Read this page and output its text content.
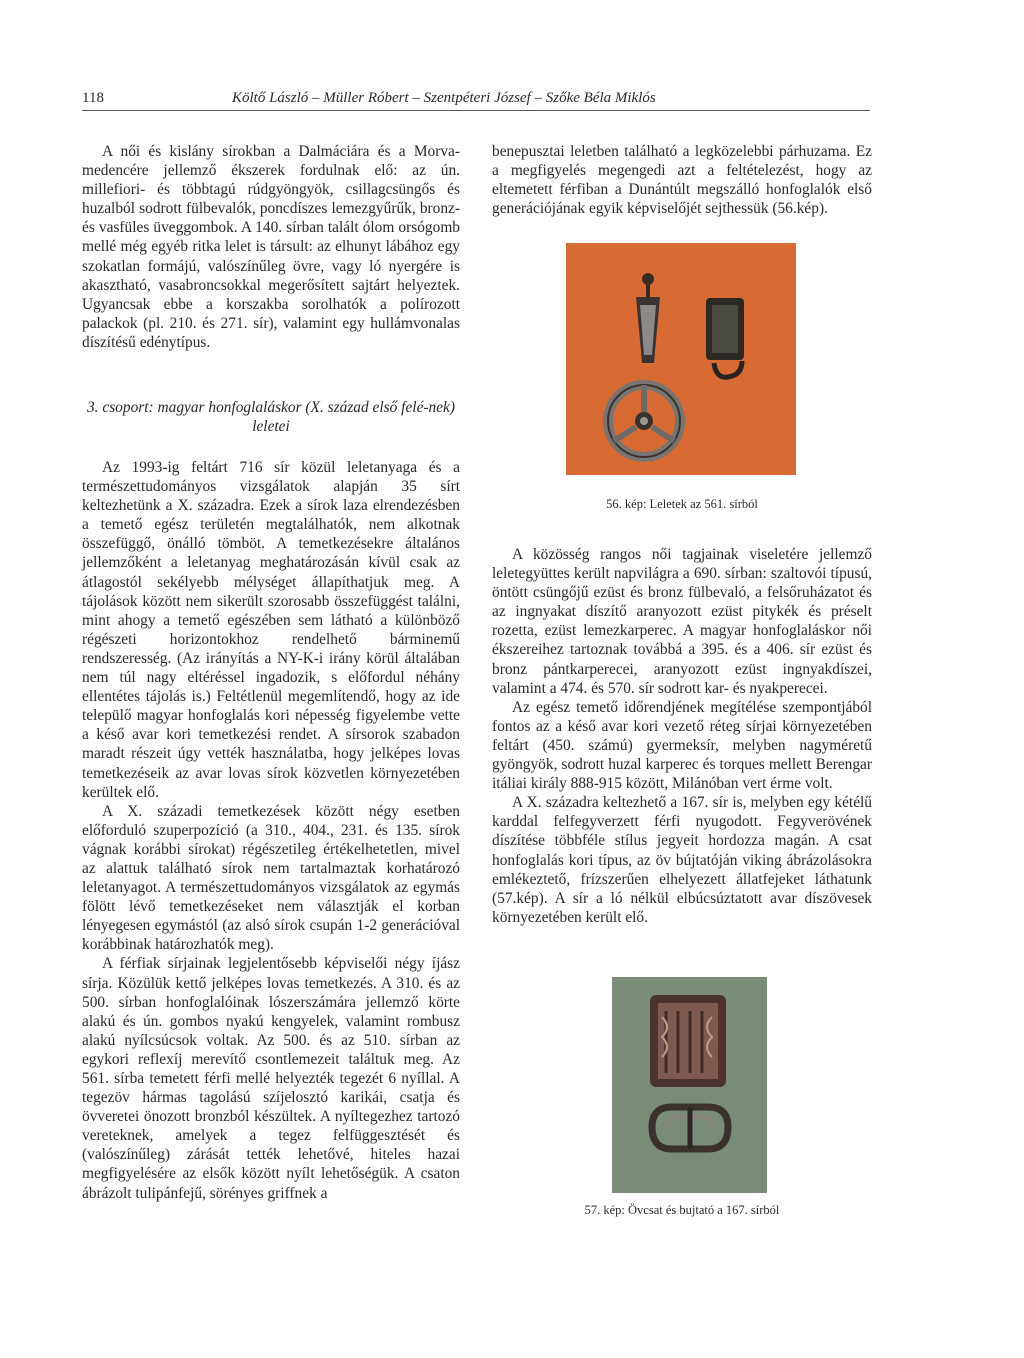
118	Költő László – Müller Róbert – Szentpéteri József – Szőke Béla Miklós

A női és kislány sírokban a Dalmáciára és a Morva-medencére jellemző ékszerek fordulnak elő: az ún. millefiori- és többtagú rúdgyöngyök, csillagcsüngős és huzalból sodrott fülbevalók, poncdíszes lemezgyűrűk, bronz- és vasfüles üveggombok. A 140. sírban talált ólom orsógomb mellé még egyéb ritka lelet is társult: az elhunyt lábához egy szokatlan formájú, valószínűleg övre, vagy ló nyergére is akasztható, vasabroncsokkal megerősített sajtárt helyeztek. Ugyancsak ebbe a korszakba sorolhatók a polírozott palackok (pl. 210. és 271. sír), valamint egy hullámvonalas díszítésű edénytípus.

3. csoport: magyar honfoglaláskor (X. század első felé-nek) leletei

Az 1993-ig feltárt 716 sír közül leletanyaga és a természettudományos vizsgálatok alapján 35 sírt keltezhetünk a X. századra. Ezek a sírok laza elrendezésben a temető egész területén megtalálhatók, nem alkotnak összefüggő, önálló tömböt. A temetkezésekre általános jellemzőként a leletanyag meghatározásán kívül csak az átlagostól sekélyebb mélységet állapíthatjuk meg. A tájolások között nem sikerült szorosabb összefüggést találni, mint ahogy a temető egészében sem látható a különböző régészeti horizontokhoz rendelhető bárminemű rendszeresség. (Az irányítás a NY-K-i irány körül általában nem túl nagy eltéréssel ingadozik, s előfordul néhány ellentétes tájolás is.) Feltétlenül megemlítendő, hogy az ide települő magyar honfoglalás kori népesség figyelembe vette a késő avar kori temetkezési rendet. A sírsorok szabadon maradt részeit úgy vették használatba, hogy jelképes lovas temetkezéseik az avar lovas sírok közvetlen környezetében kerültek elő.

A X. századi temetkezések között négy esetben előforduló szuperpozíció (a 310., 404., 231. és 135. sírok vágnak korábbi sírokat) régészetileg értékelhetetlen, mivel az alattuk található sírok nem tartalmaztak korhatározó leletanyagot. A természettudományos vizsgálatok az egymás fölött lévő temetkezéseket nem választják el korban lényegesen egymástól (az alsó sírok csupán 1-2 generációval korábbinak határozhatók meg).

A férfiak sírjainak legjelentősebb képviselői négy íjász sírja. Közülük kettő jelképes lovas temetkezés. A 310. és az 500. sírban honfoglalóinak lószerszámára jellemző körte alakú és ún. gombos nyakú kengyelek, valamint rombusz alakú nyílcsúcsok voltak. Az 500. és az 510. sírban az egykori reflexíj merevítő csontlemezeit találtuk meg. Az 561. sírba temetett férfi mellé helyezték tegezét 6 nyíllal. A tegezöv hármas tagolású szíjelosztó karikái, csatja és övveretei önozott bronzból készültek. A nyíltegezhez tartozó vereteknek, amelyek a tegez felfüggesztését és (valószínűleg) zárását tették lehetővé, hiteles hazai megfigyelésére az elsők között nyílt lehetőségük. A csaton ábrázolt tulipánfejű, sörényes griffnek a

benepusztai leletben található a legközelebbi párhuzama. Ez a megfigyelés megengedi azt a feltételezést, hogy az eltemetett férfiban a Dunántúlt megszálló honfoglalók első generációjának egyik képviselőjét sejthessük (56.kép).

56. kép: Leletek az 561. sírból

A közösség rangos női tagjainak viseletére jellemző leletegyüttes került napvilágra a 690. sírban: szaltovói típusú, öntött csüngőjű ezüst és bronz fülbevaló, a felsőruházatot és az ingnyakat díszítő aranyozott ezüst pitykék és préselt rozetta, ezüst lemezkarperec. A magyar honfoglaláskor női ékszereihez tartoznak továbbá a 395. és a 406. sír ezüst és bronz pántkarperecei, aranyozott ezüst ingnyakdíszei, valamint a 474. és 570. sír sodrott kar- és nyakperecei.

Az egész temető időrendjének megítélése szempontjából fontos az a késő avar kori vezető réteg sírjai környezetében feltárt (450. számú) gyermeksír, melyben nagyméretű gyöngyök, sodrott huzal karperec és torques mellett Berengar itáliai király 888-915 között, Milánóban vert érme volt.

A X. századra keltezhető a 167. sír is, melyben egy kétélű karddal felfegyverzett férfi nyugodott. Fegyverövének díszítése többféle stílus jegyeit hordozza magán. A csat honfoglalás kori típus, az öv bújtatóján viking ábrázolásokra emlékeztető, frízszerűen elhelyezett állatfejeket láthatunk (57.kép). A sír a ló nélkül elbúcsúztatott avar díszövesek környezetében került elő.

57. kép: Övcsat és bujtató a 167. sírból
